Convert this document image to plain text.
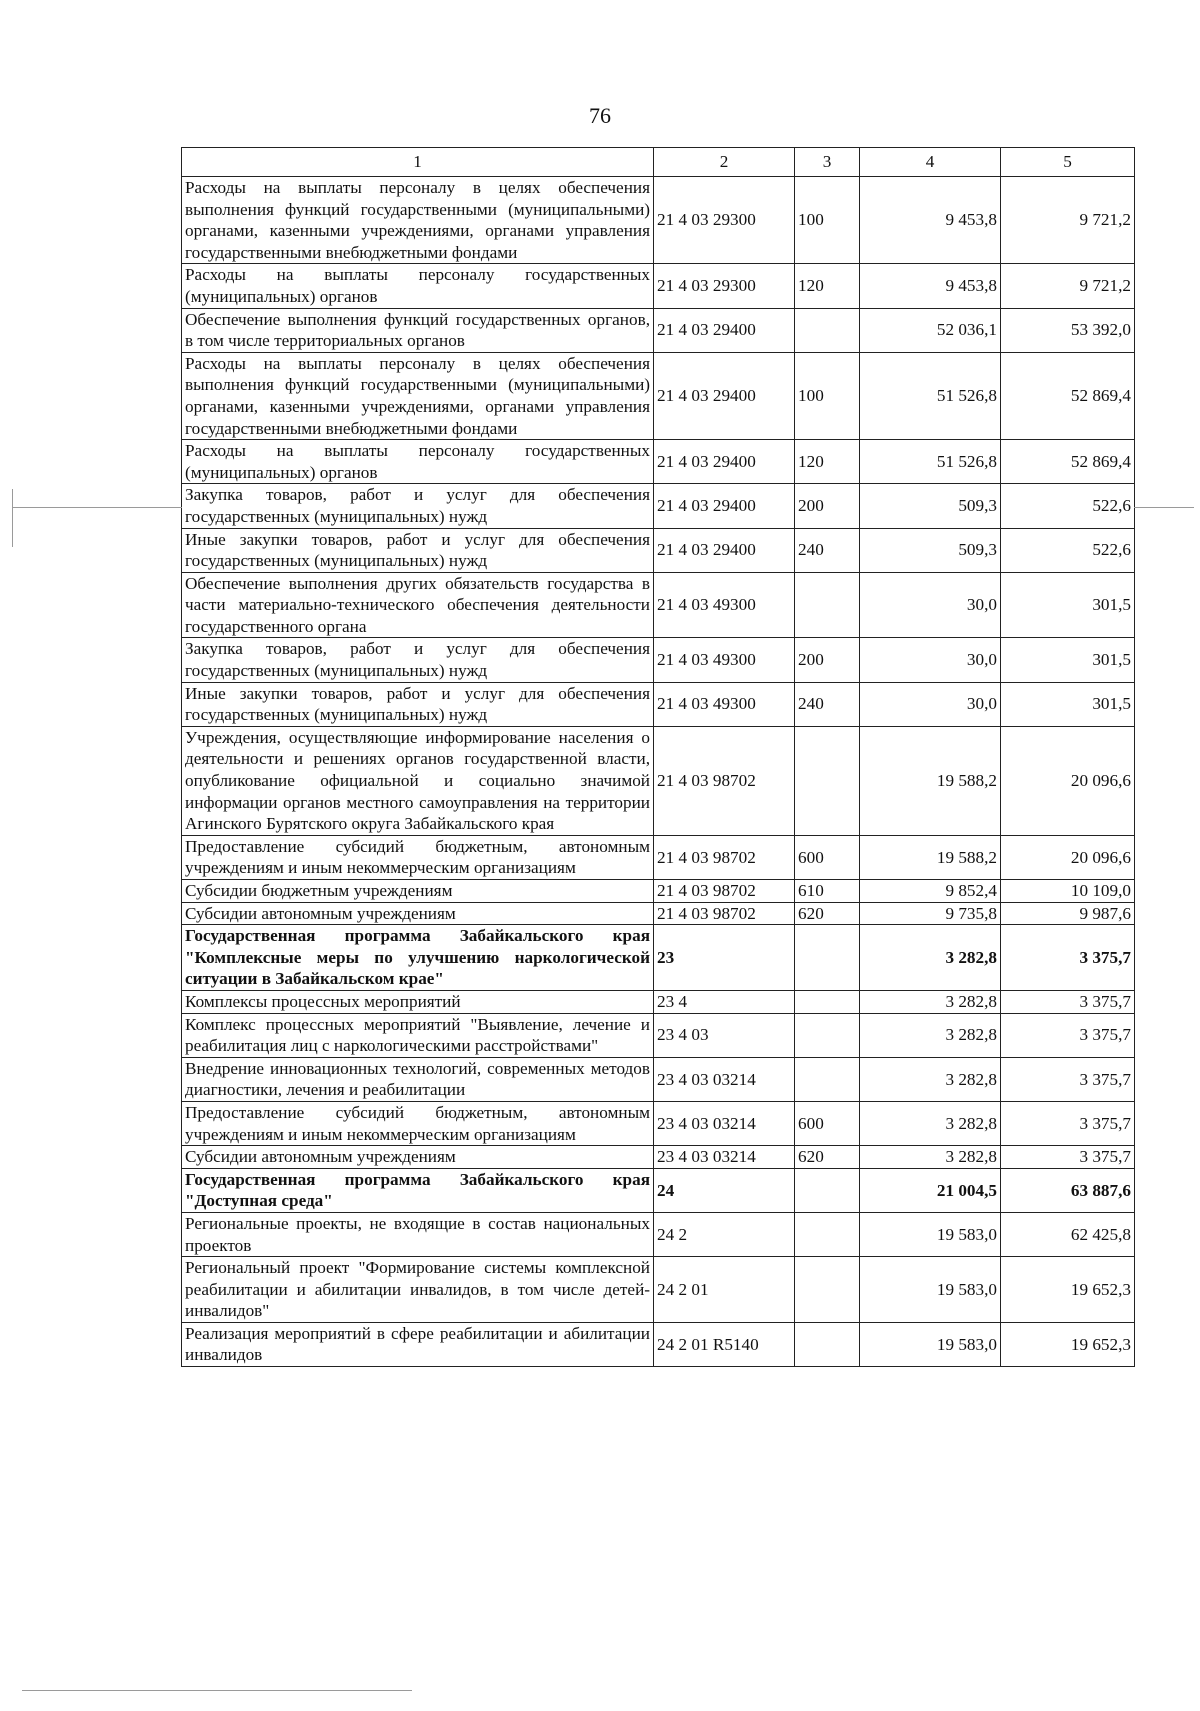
76
1	2	3	4	5
Расходы на выплаты персоналу в целях обеспечения выполнения функций государственными (муниципальными) органами, казенными учреждениями, органами управления государственными внебюджетными фондами	21 4 03 29300	100	9 453,8	9 721,2
Расходы на выплаты персоналу государственных (муниципальных) органов	21 4 03 29300	120	9 453,8	9 721,2
Обеспечение выполнения функций государственных органов, в том числе территориальных органов	21 4 03 29400		52 036,1	53 392,0
Расходы на выплаты персоналу в целях обеспечения выполнения функций государственными (муниципальными) органами, казенными учреждениями, органами управления государственными внебюджетными фондами	21 4 03 29400	100	51 526,8	52 869,4
Расходы на выплаты персоналу государственных (муниципальных) органов	21 4 03 29400	120	51 526,8	52 869,4
Закупка товаров, работ и услуг для обеспечения государственных (муниципальных) нужд	21 4 03 29400	200	509,3	522,6
Иные закупки товаров, работ и услуг для обеспечения государственных (муниципальных) нужд	21 4 03 29400	240	509,3	522,6
Обеспечение выполнения других обязательств государства в части материально-технического обеспечения деятельности государственного органа	21 4 03 49300		30,0	301,5
Закупка товаров, работ и услуг для обеспечения государственных (муниципальных) нужд	21 4 03 49300	200	30,0	301,5
Иные закупки товаров, работ и услуг для обеспечения государственных (муниципальных) нужд	21 4 03 49300	240	30,0	301,5
Учреждения, осуществляющие информирование населения о деятельности и решениях органов государственной власти, опубликование официальной и социально значимой информации органов местного самоуправления на территории Агинского Бурятского округа Забайкальского края	21 4 03 98702		19 588,2	20 096,6
Предоставление субсидий бюджетным, автономным учреждениям и иным некоммерческим организациям	21 4 03 98702	600	19 588,2	20 096,6
Субсидии бюджетным учреждениям	21 4 03 98702	610	9 852,4	10 109,0
Субсидии автономным учреждениям	21 4 03 98702	620	9 735,8	9 987,6
Государственная программа Забайкальского края "Комплексные меры по улучшению наркологической ситуации в Забайкальском крае"	23		3 282,8	3 375,7
Комплексы процессных мероприятий	23 4		3 282,8	3 375,7
Комплекс процессных мероприятий "Выявление, лечение и реабилитация лиц с наркологическими расстройствами"	23 4 03		3 282,8	3 375,7
Внедрение инновационных технологий, современных методов диагностики, лечения и реабилитации	23 4 03 03214		3 282,8	3 375,7
Предоставление субсидий бюджетным, автономным учреждениям и иным некоммерческим организациям	23 4 03 03214	600	3 282,8	3 375,7
Субсидии автономным учреждениям	23 4 03 03214	620	3 282,8	3 375,7
Государственная программа Забайкальского края "Доступная среда"	24		21 004,5	63 887,6
Региональные проекты, не входящие в состав национальных проектов	24 2		19 583,0	62 425,8
Региональный проект "Формирование системы комплексной реабилитации и абилитации инвалидов, в том числе детей-инвалидов"	24 2 01		19 583,0	19 652,3
Реализация мероприятий в сфере реабилитации и абилитации инвалидов	24 2 01 R5140		19 583,0	19 652,3
